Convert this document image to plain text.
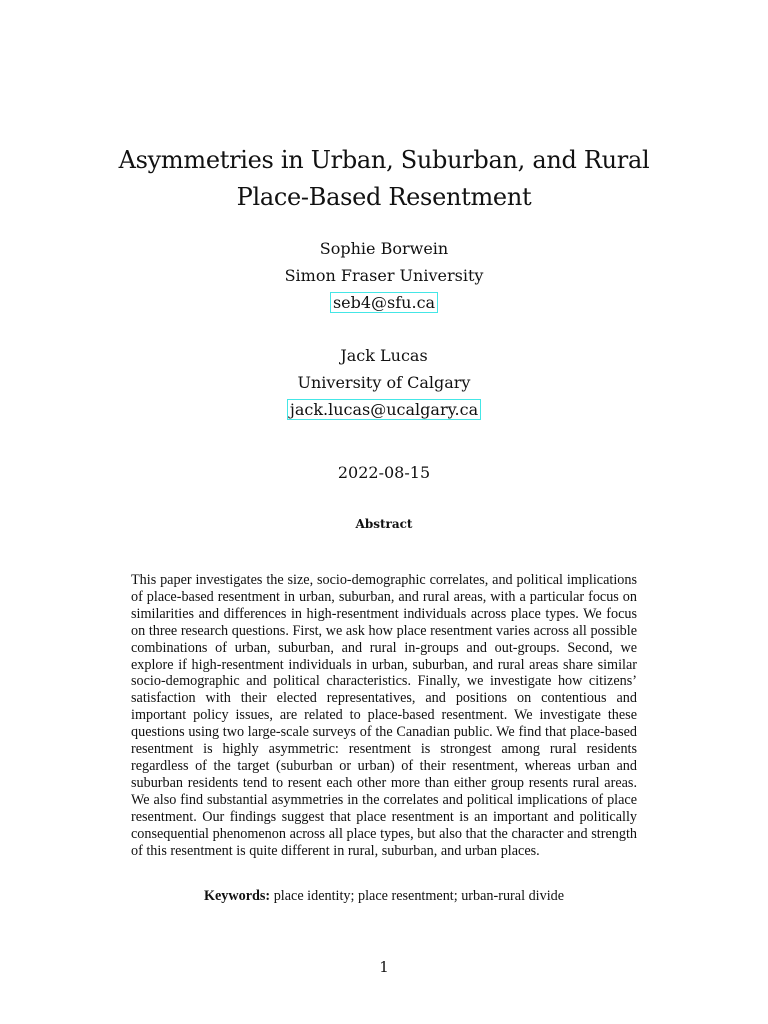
Asymmetries in Urban, Suburban, and Rural
Place-Based Resentment
Sophie Borwein
Simon Fraser University
seb4@sfu.ca
Jack Lucas
University of Calgary
jack.lucas@ucalgary.ca
2022-08-15
Abstract

This paper investigates the size, socio-demographic correlates, and political implications of place-based resentment in urban, suburban, and rural areas, with a particular focus on similarities and differences in high-resentment individuals across place types. We focus on three research questions. First, we ask how place resentment varies across all possible combinations of urban, suburban, and rural in-groups and out-groups. Second, we explore if high-resentment individuals in urban, suburban, and rural areas share similar socio-demographic and political characteristics. Finally, we investigate how citizens’ satisfaction with their elected representatives, and positions on contentious and important policy issues, are related to place-based resentment. We investigate these questions using two large-scale surveys of the Canadian public. We find that place-based resentment is highly asymmetric: resentment is strongest among rural residents regardless of the target (suburban or urban) of their resentment, whereas urban and suburban residents tend to resent each other more than either group resents rural areas. We also find substantial asymmetries in the correlates and political implications of place resentment. Our findings suggest that place resentment is an important and politically consequential phenomenon across all place types, but also that the character and strength of this resentment is quite different in rural, suburban, and urban places.

Keywords: place identity; place resentment; urban-rural divide
1
